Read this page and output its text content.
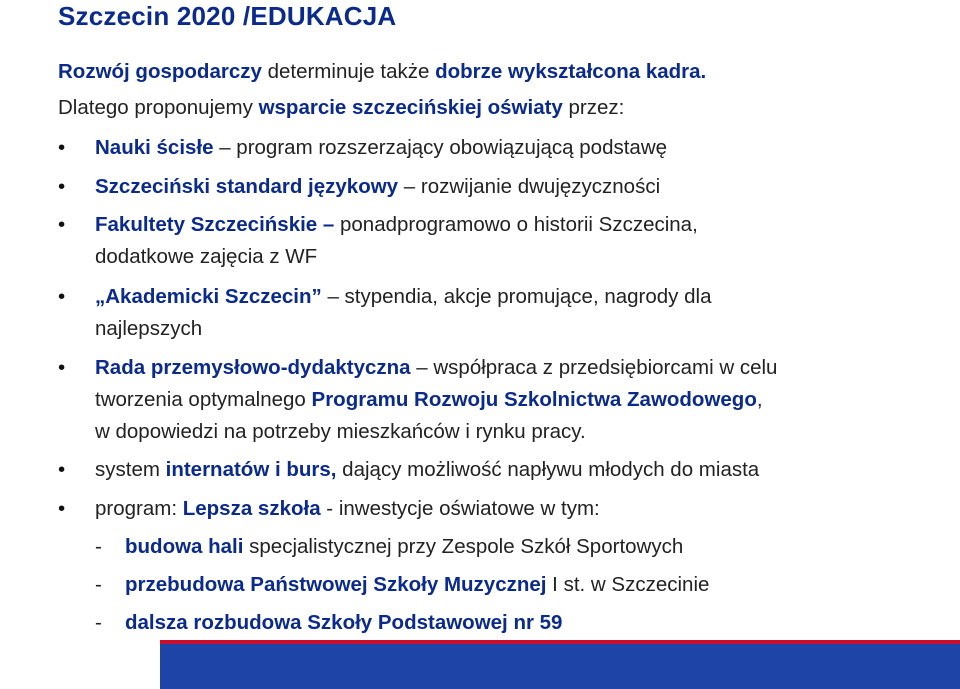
Szczecin 2020 /EDUKACJA
Rozwój gospodarczy determinuje także dobrze wykształcona kadra.
Dlatego proponujemy wsparcie szczecińskiej oświaty przez:
• Nauki ścisłe – program rozszerzający obowiązującą podstawę
• Szczeciński standard językowy – rozwijanie dwujęzyczności
• Fakultety Szczecińskie – ponadprogramowo o historii Szczecina,
dodatkowe zajęcia z WF
• „Akademicki Szczecin” – stypendia, akcje promujące, nagrody dla
najlepszych
• Rada przemysłowo-dydaktyczna – współpraca z przedsiębiorcami w celu
tworzenia optymalnego Programu Rozwoju Szkolnictwa Zawodowego,
w dopowiedzi na potrzeby mieszkańców i rynku pracy.
• system internatów i burs, dający możliwość napływu młodych do miasta
• program: Lepsza szkoła - inwestycje oświatowe w tym:
- budowa hali specjalistycznej przy Zespole Szkół Sportowych
- przebudowa Państwowej Szkoły Muzycznej I st. w Szczecinie
- dalsza rozbudowa Szkoły Podstawowej nr 59
